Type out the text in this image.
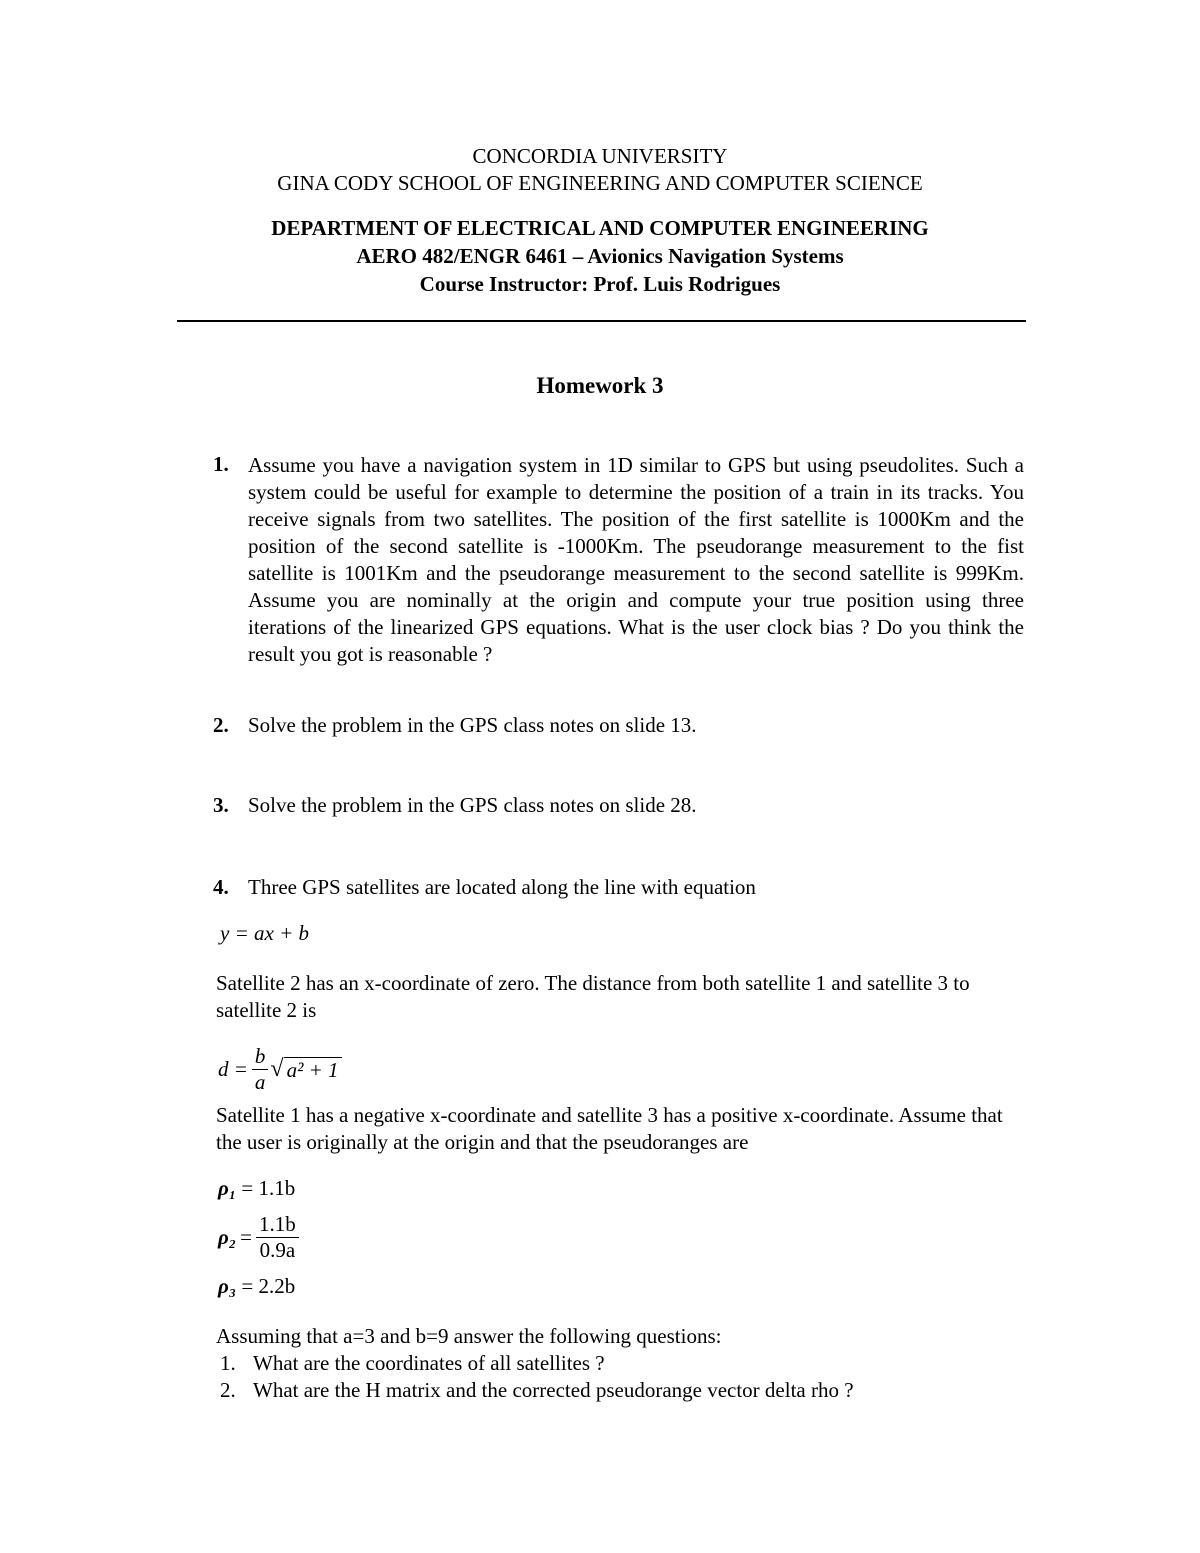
CONCORDIA UNIVERSITY
GINA CODY SCHOOL OF ENGINEERING AND COMPUTER SCIENCE
DEPARTMENT OF ELECTRICAL AND COMPUTER ENGINEERING
AERO 482/ENGR 6461 – Avionics Navigation Systems
Course Instructor: Prof. Luis Rodrigues
Homework 3
1. Assume you have a navigation system in 1D similar to GPS but using pseudolites. Such a system could be useful for example to determine the position of a train in its tracks. You receive signals from two satellites. The position of the first satellite is 1000Km and the position of the second satellite is -1000Km. The pseudorange measurement to the fist satellite is 1001Km and the pseudorange measurement to the second satellite is 999Km. Assume you are nominally at the origin and compute your true position using three iterations of the linearized GPS equations. What is the user clock bias ? Do you think the result you got is reasonable ?
2. Solve the problem in the GPS class notes on slide 13.
3. Solve the problem in the GPS class notes on slide 28.
4. Three GPS satellites are located along the line with equation
y = ax + b
Satellite 2 has an x-coordinate of zero. The distance from both satellite 1 and satellite 3 to satellite 2 is
$d = \frac{b}{a}$ √ a² + 1
Satellite 1 has a negative x-coordinate and satellite 3 has a positive x-coordinate. Assume that the user is originally at the origin and that the pseudoranges are
ρ₁ = 1.1b
$\rho_2 = \frac{1.1b}{0.9a}$
ρ₃ = 2.2b
Assuming that a=3 and b=9 answer the following questions:
1. What are the coordinates of all satellites ?
2. What are the H matrix and the corrected pseudorange vector delta rho ?
